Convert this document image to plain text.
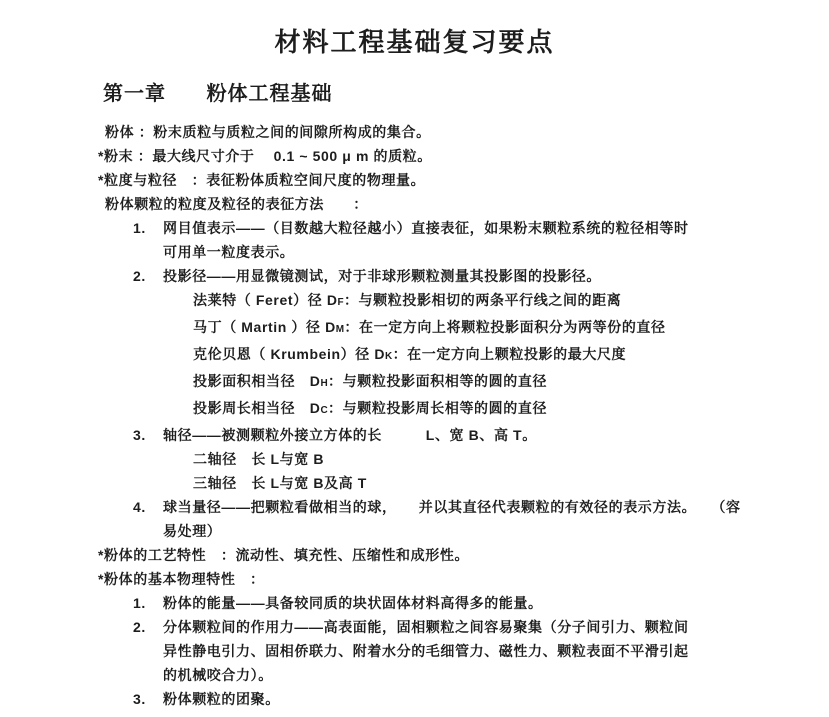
材料工程基础复习要点
第一章 粉体工程基础
粉体 ：粉末质粒与质粒之间的间隙所构成的集合。
*粉末 ：最大线尺寸介于　 0.1 ~ 500 μ m 的质粒。
*粒度与粒径　：表征粉体质粒空间尺度的物理量。
粉体颗粒的粒度及粒径的表征方法　　：
1. 网目值表示——（目数越大粒径越小）直接表征，如果粉末颗粒系统的粒径相等时
可用单一粒度表示。
2. 投影径——用显微镜测试，对于非球形颗粒测量其投影图的投影径。
法莱特（ Feret）径 DF：与颗粒投影相切的两条平行线之间的距离
马丁（ Martin ）径 DM：在一定方向上将颗粒投影面积分为两等份的直径
克伦贝恩（ Krumbein）径 DK：在一定方向上颗粒投影的最大尺度
投影面积相当径　DH：与颗粒投影面积相等的圆的直径
投影周长相当径　DC：与颗粒投影周长相等的圆的直径
3. 轴径——被测颗粒外接立方体的长　　　L、宽 B、高 T。
二轴径　长 L与宽 B
三轴径　长 L与宽 B及高 T
4. 球当量径——把颗粒看做相当的球，　　并以其直径代表颗粒的有效径的表示方法。　　（容
易处理）
*粉体的工艺特性　：流动性、填充性、压缩性和成形性。
*粉体的基本物理特性　：
1. 粉体的能量——具备较同质的块状固体材料高得多的能量。
2. 分体颗粒间的作用力——高表面能，固相颗粒之间容易聚集（分子间引力、颗粒间
异性静电引力、固相侨联力、附着水分的毛细管力、磁性力、颗粒表面不平滑引起
的机械咬合力）。
3. 粉体颗粒的团聚。
